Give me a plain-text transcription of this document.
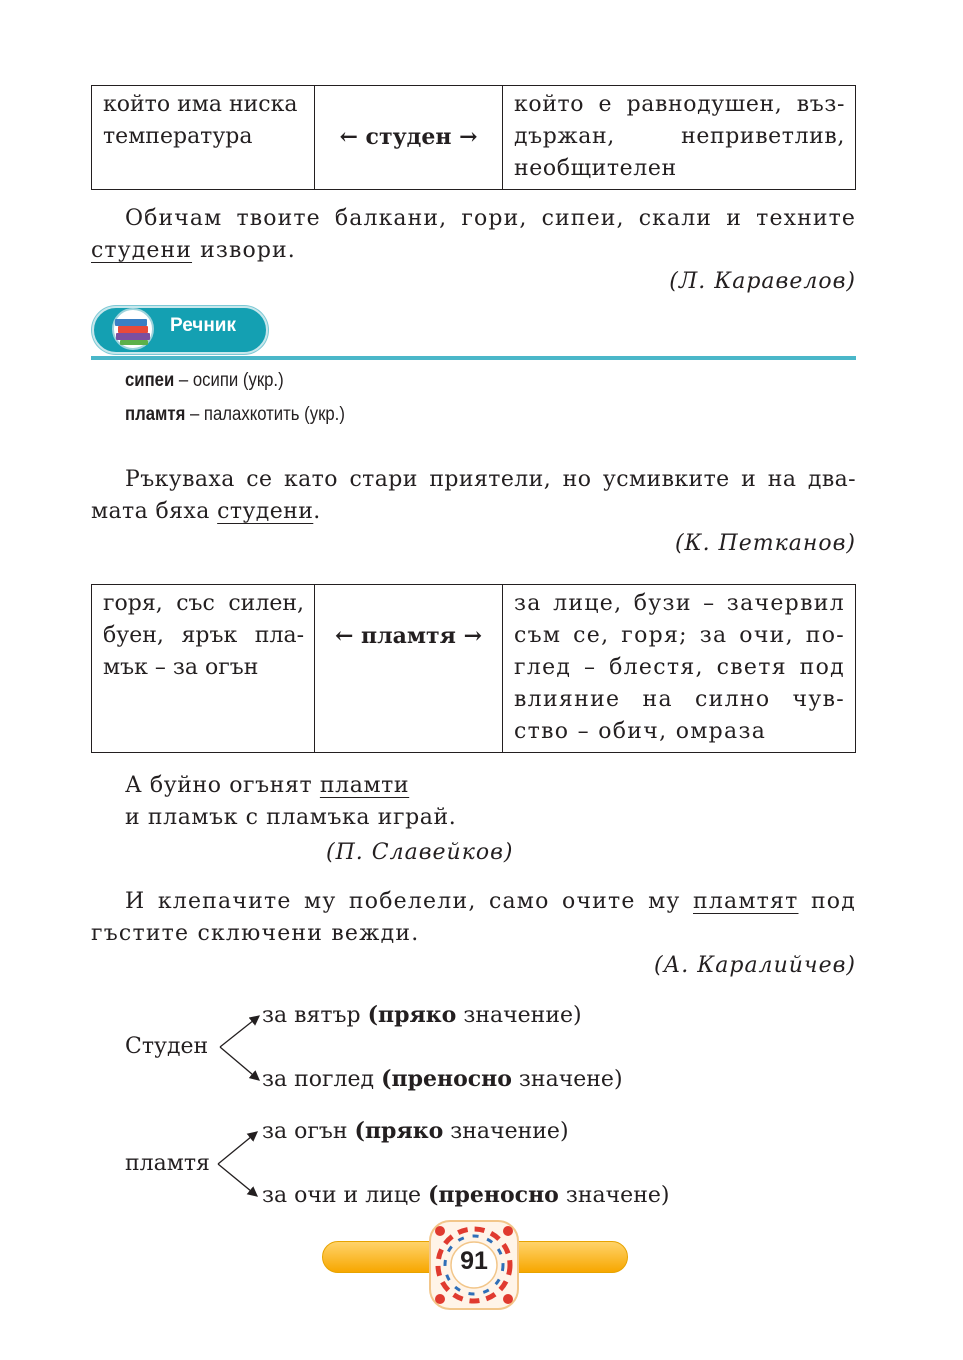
който има ниска
температура	← студен →	който е равнодушен, въз-държан, неприветлив, необщителен
Обичам твоите балкани, гори, сипеи, скали и техните студени извори.
(Л. Каравелов)
Речник
сипеи – осипи (укр.)
пламтя – палахкотить (укр.)
Ръкуваха се като стари приятели, но усмивките и на два-мата бяха студени.
(К. Петканов)
горя, със силен, буен, ярък пла-мък – за огън	← пламтя →	за лице, бузи – зачервил съм се, горя; за очи, по-глед – блестя, светя под влияние на силно чув-ство – обич, омраза
А буйно огънят пламти
и пламък с пламъка играй.
(П. Славейков)
И клепачите му побелели, само очите му пламтят под гъстите сключени вежди.
(А. Каралийчев)
Студен
за вятър (пряко значение)
за поглед (преносно значене)
пламтя
за огън (пряко значение)
за очи и лице (преносно значене)
91
